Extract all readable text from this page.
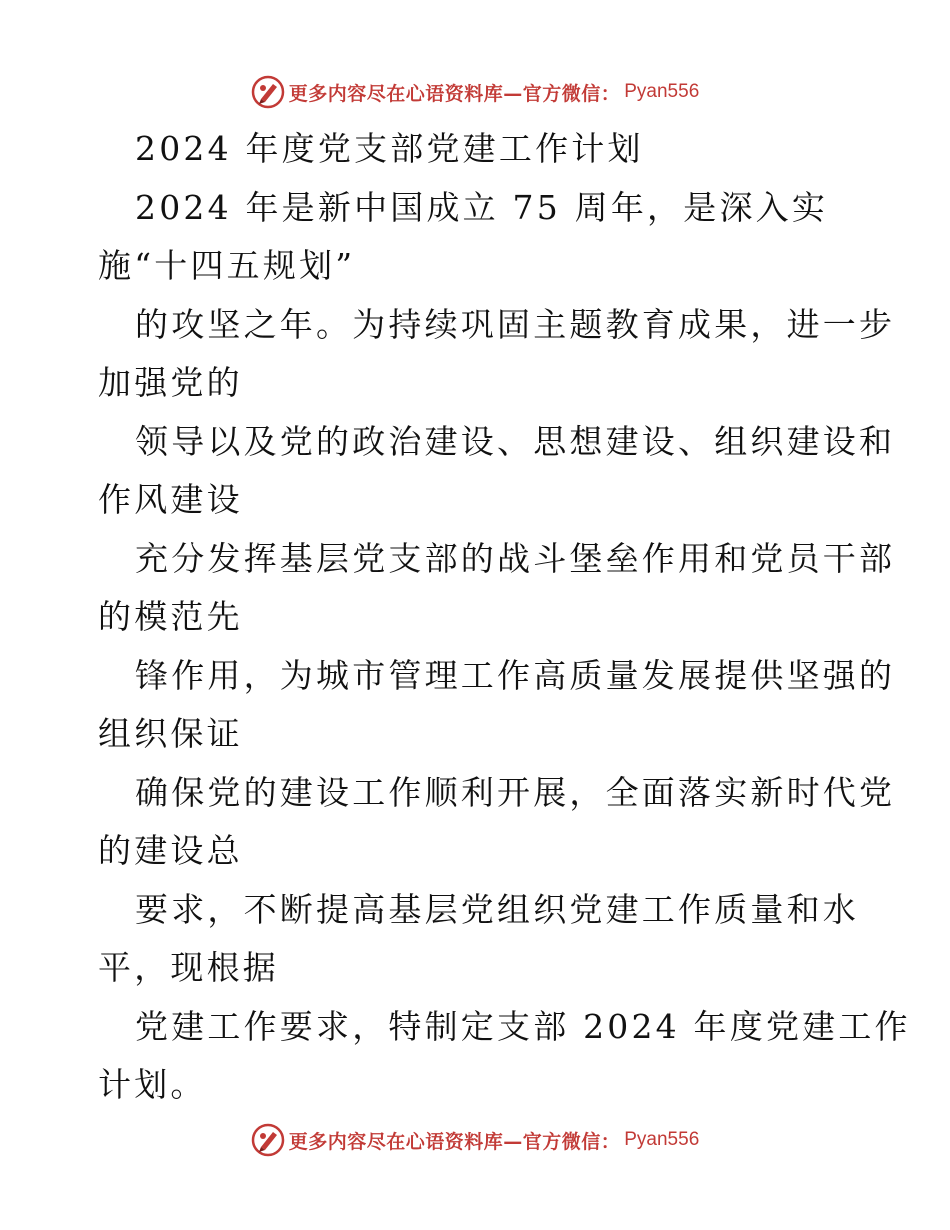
更多内容尽在心语资料库—官方微信： Pyan556
2024 年度党支部党建工作计划
2024 年是新中国成立 75 周年，是深入实
施“十四五规划”
的攻坚之年。为持续巩固主题教育成果，进一步
加强党的
领导以及党的政治建设、思想建设、组织建设和
作风建设
充分发挥基层党支部的战斗堡垒作用和党员干部
的模范先
锋作用，为城市管理工作高质量发展提供坚强的
组织保证
确保党的建设工作顺利开展，全面落实新时代党
的建设总
要求，不断提高基层党组织党建工作质量和水
平，现根据
党建工作要求，特制定支部 2024 年度党建工作
计划。
更多内容尽在心语资料库—官方微信： Pyan556
